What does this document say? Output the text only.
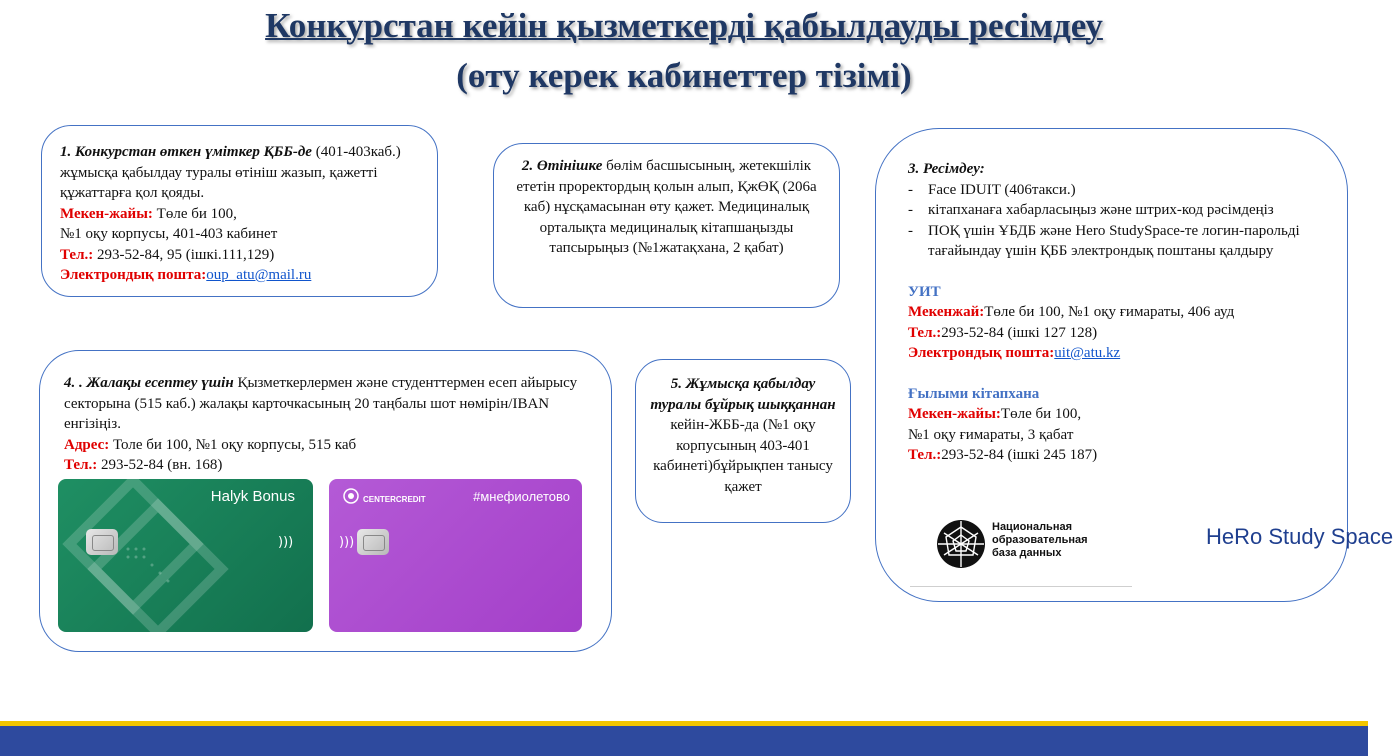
Конкурстан кейін қызметкерді қабылдауды ресімдеу
(өту керек кабинеттер тізімі)
1. Конкурстан өткен үміткер ҚББ-де (401-403каб.) жұмысқа қабылдау туралы өтініш жазып, қажетті құжаттарға қол қояды.
Мекен-жайы: Төле би 100,
№1 оқу корпусы, 401-403 кабинет
Тел.: 293-52-84, 95 (ішкі.111,129)
Электрондық пошта:oup_atu@mail.ru
2. Өтінішке бөлім басшысының, жетекшілік ететін проректордың қолын алып, ҚжӨҚ (206а каб) нұсқамасынан өту қажет. Медициналық орталықта медициналық кітапшаңызды тапсырыңыз (№1жатақхана, 2 қабат)
3. Ресімдеу:
- Face IDUIT (406такси.)
- кітапханаға хабарласыңыз және штрих-код рәсімдеңіз
- ПОҚ үшін ҰБДБ және Hero StudySpace-те логин-парольді тағайындау үшін ҚББ электрондық поштаны қалдыру
УИТ
Мекенжай:Төле би 100, №1 оқу ғимараты, 406 ауд
Тел.:293-52-84 (ішкі 127 128)
Электрондық пошта:uit@atu.kz
Ғылыми кітапхана
Мекен-жайы:Төле би 100,
№1 оқу ғимараты, 3 қабат
Тел.:293-52-84 (ішкі 245 187)
Национальная
образовательная
база данных
HeRo Study Space
4. . Жалақы есептеу үшін Қызметкерлермен және студенттермен есеп айырысу секторына (515 каб.) жалақы карточкасының 20 таңбалы шот нөмірін/IBAN енгізіңіз.
Адрес: Толе би 100, №1 оқу корпусы, 515 каб
Тел.: 293-52-84 (вн. 168)
Halyk Bonus
)))
CENTERCREDIT	#мнефиолетово
)))
5. Жұмысқа қабылдау туралы бұйрық шыққаннан кейін-ЖББ-да (№1 оқу корпусының 403-401 кабинеті)бұйрықпен танысу қажет
